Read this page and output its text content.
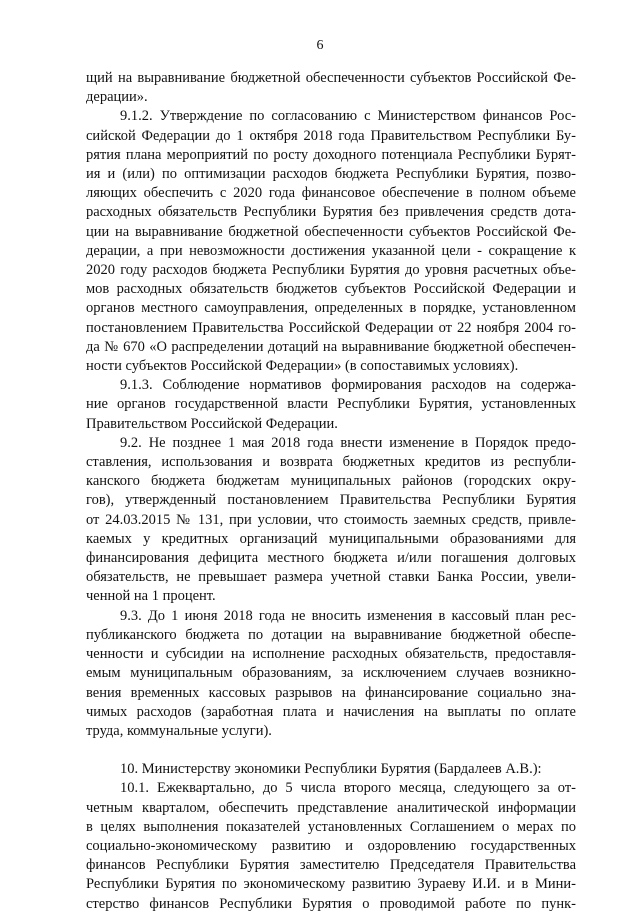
6

щий на выравнивание бюджетной обеспеченности субъектов Российской Фе-
дерации».

9.1.2. Утверждение по согласованию с Министерством финансов Рос-
сийской Федерации до 1 октября 2018 года Правительством Республики Бу-
рятия плана мероприятий по росту доходного потенциала Республики Бурят-
ия и (или) по оптимизации расходов бюджета Республики Бурятия, позво-
ляющих обеспечить с 2020 года финансовое обеспечение в полном объеме
расходных обязательств Республики Бурятия без привлечения средств дота-
ции на выравнивание бюджетной обеспеченности субъектов Российской Фе-
дерации, а при невозможности достижения указанной цели - сокращение к
2020 году расходов бюджета Республики Бурятия до уровня расчетных объе-
мов расходных обязательств бюджетов субъектов Российской Федерации и
органов местного самоуправления, определенных в порядке, установленном
постановлением Правительства Российской Федерации от 22 ноября 2004 го-
да № 670 «О распределении дотаций на выравнивание бюджетной обеспечен-
ности субъектов Российской Федерации» (в сопоставимых условиях).

9.1.3. Соблюдение нормативов формирования расходов на содержа-
ние органов государственной власти Республики Бурятия, установленных
Правительством Российской Федерации.

9.2. Не позднее 1 мая 2018 года внести изменение в Порядок предо-
ставления, использования и возврата бюджетных кредитов из республи-
канского бюджета бюджетам муниципальных районов (городских окру-
гов), утвержденный постановлением Правительства Республики Бурятия
от 24.03.2015 № 131, при условии, что стоимость заемных средств, привле-
каемых у кредитных организаций муниципальными образованиями для
финансирования дефицита местного бюджета и/или погашения долговых
обязательств, не превышает размера учетной ставки Банка России, увели-
ченной на 1 процент.

9.3. До 1 июня 2018 года не вносить изменения в кассовый план рес-
публиканского бюджета по дотации на выравнивание бюджетной обеспе-
ченности и субсидии на исполнение расходных обязательств, предоставля-
емым муниципальным образованиям, за исключением случаев возникно-
вения временных кассовых разрывов на финансирование социально зна-
чимых расходов (заработная плата и начисления на выплаты по оплате
труда, коммунальные услуги).

10. Министерству экономики Республики Бурятия (Бардалеев А.В.):

10.1. Ежеквартально, до 5 числа второго месяца, следующего за от-
четным кварталом, обеспечить представление аналитической информации
в целях выполнения показателей установленных Соглашением о мерах по
социально-экономическому развитию и оздоровлению государственных
финансов Республики Бурятия заместителю Председателя Правительства
Республики Бурятия по экономическому развитию Зураеву И.И. и в Мини-
стерство финансов Республики Бурятия о проводимой работе по пунк-
